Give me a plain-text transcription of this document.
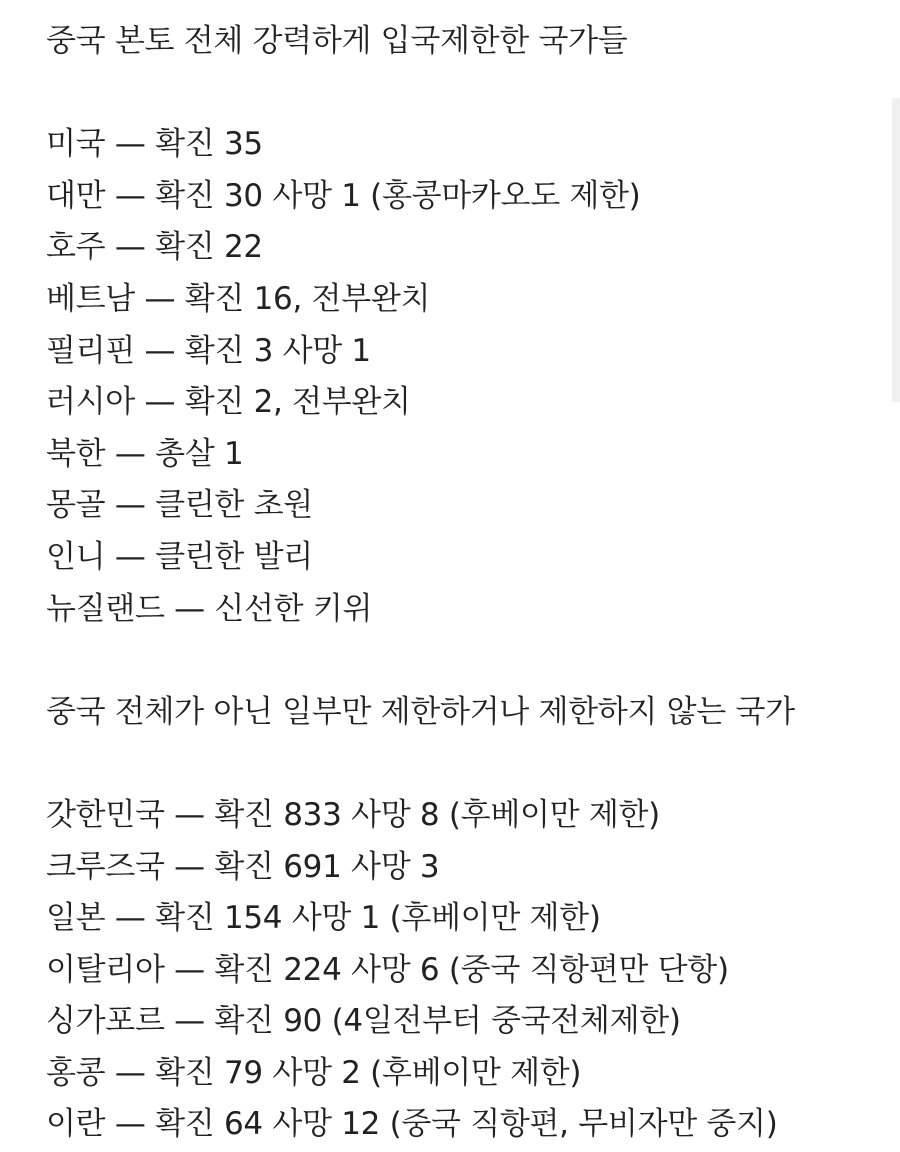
중국 본토 전체 강력하게 입국제한한 국가들
미국 — 확진 35
대만 — 확진 30 사망 1 (홍콩마카오도 제한)
호주 — 확진 22
베트남 — 확진 16, 전부완치
필리핀 — 확진 3 사망 1
러시아 — 확진 2, 전부완치
북한 — 총살 1
몽골 — 클린한 초원
인니 — 클린한 발리
뉴질랜드 — 신선한 키위
중국 전체가 아닌 일부만 제한하거나 제한하지 않는 국가
갓한민국 — 확진 833 사망 8 (후베이만 제한)
크루즈국 — 확진 691 사망 3
일본 — 확진 154 사망 1 (후베이만 제한)
이탈리아 — 확진 224 사망 6 (중국 직항편만 단항)
싱가포르 — 확진 90 (4일전부터 중국전체제한)
홍콩 — 확진 79 사망 2 (후베이만 제한)
이란 — 확진 64 사망 12 (중국 직항편, 무비자만 중지)
